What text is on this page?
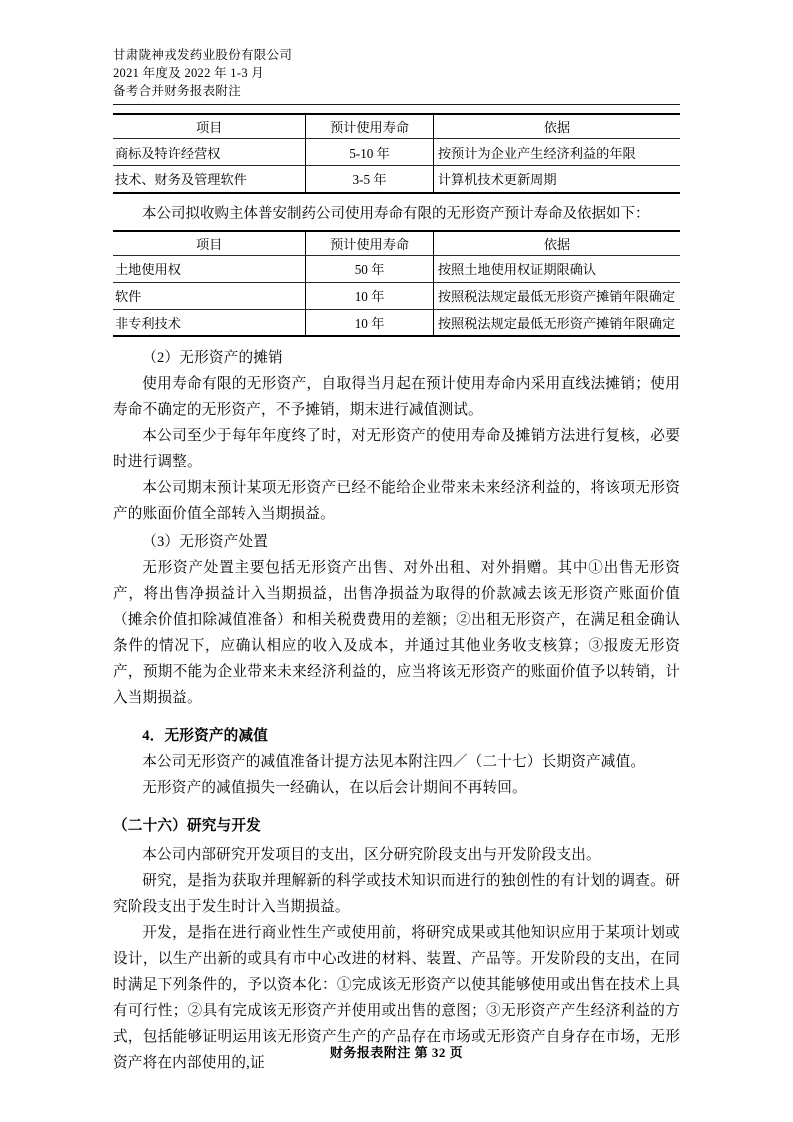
甘肃陇神戎发药业股份有限公司
2021 年度及 2022 年 1-3 月
备考合并财务报表附注
项目	预计使用寿命	依据
商标及特许经营权	5-10 年	按预计为企业产生经济利益的年限
技术、财务及管理软件	3-5 年	计算机技术更新周期

本公司拟收购主体普安制药公司使用寿命有限的无形资产预计寿命及依据如下：

项目	预计使用寿命	依据
土地使用权	50 年	按照土地使用权证期限确认
软件	10 年	按照税法规定最低无形资产摊销年限确定
非专利技术	10 年	按照税法规定最低无形资产摊销年限确定

（2）无形资产的摊销

使用寿命有限的无形资产，自取得当月起在预计使用寿命内采用直线法摊销；使用寿命不确定的无形资产，不予摊销，期末进行减值测试。

本公司至少于每年年度终了时，对无形资产的使用寿命及摊销方法进行复核，必要时进行调整。

本公司期末预计某项无形资产已经不能给企业带来未来经济利益的，将该项无形资产的账面价值全部转入当期损益。

（3）无形资产处置

无形资产处置主要包括无形资产出售、对外出租、对外捐赠。其中①出售无形资产，将出售净损益计入当期损益，出售净损益为取得的价款减去该无形资产账面价值（摊余价值扣除减值准备）和相关税费费用的差额；②出租无形资产，在满足租金确认条件的情况下，应确认相应的收入及成本，并通过其他业务收支核算；③报废无形资产，预期不能为企业带来未来经济利益的，应当将该无形资产的账面价值予以转销，计入当期损益。

4．无形资产的减值

本公司无形资产的减值准备计提方法见本附注四／（二十七）长期资产减值。

无形资产的减值损失一经确认，在以后会计期间不再转回。

（二十六）研究与开发

本公司内部研究开发项目的支出，区分研究阶段支出与开发阶段支出。

研究，是指为获取并理解新的科学或技术知识而进行的独创性的有计划的调查。研究阶段支出于发生时计入当期损益。

开发，是指在进行商业性生产或使用前，将研究成果或其他知识应用于某项计划或设计，以生产出新的或具有市中心改进的材料、装置、产品等。开发阶段的支出，在同时满足下列条件的，予以资本化：①完成该无形资产以使其能够使用或出售在技术上具有可行性；②具有完成该无形资产并使用或出售的意图；③无形资产产生经济利益的方式，包括能够证明运用该无形资产生产的产品存在市场或无形资产自身存在市场，无形资产将在内部使用的,证

财务报表附注 第 32 页
